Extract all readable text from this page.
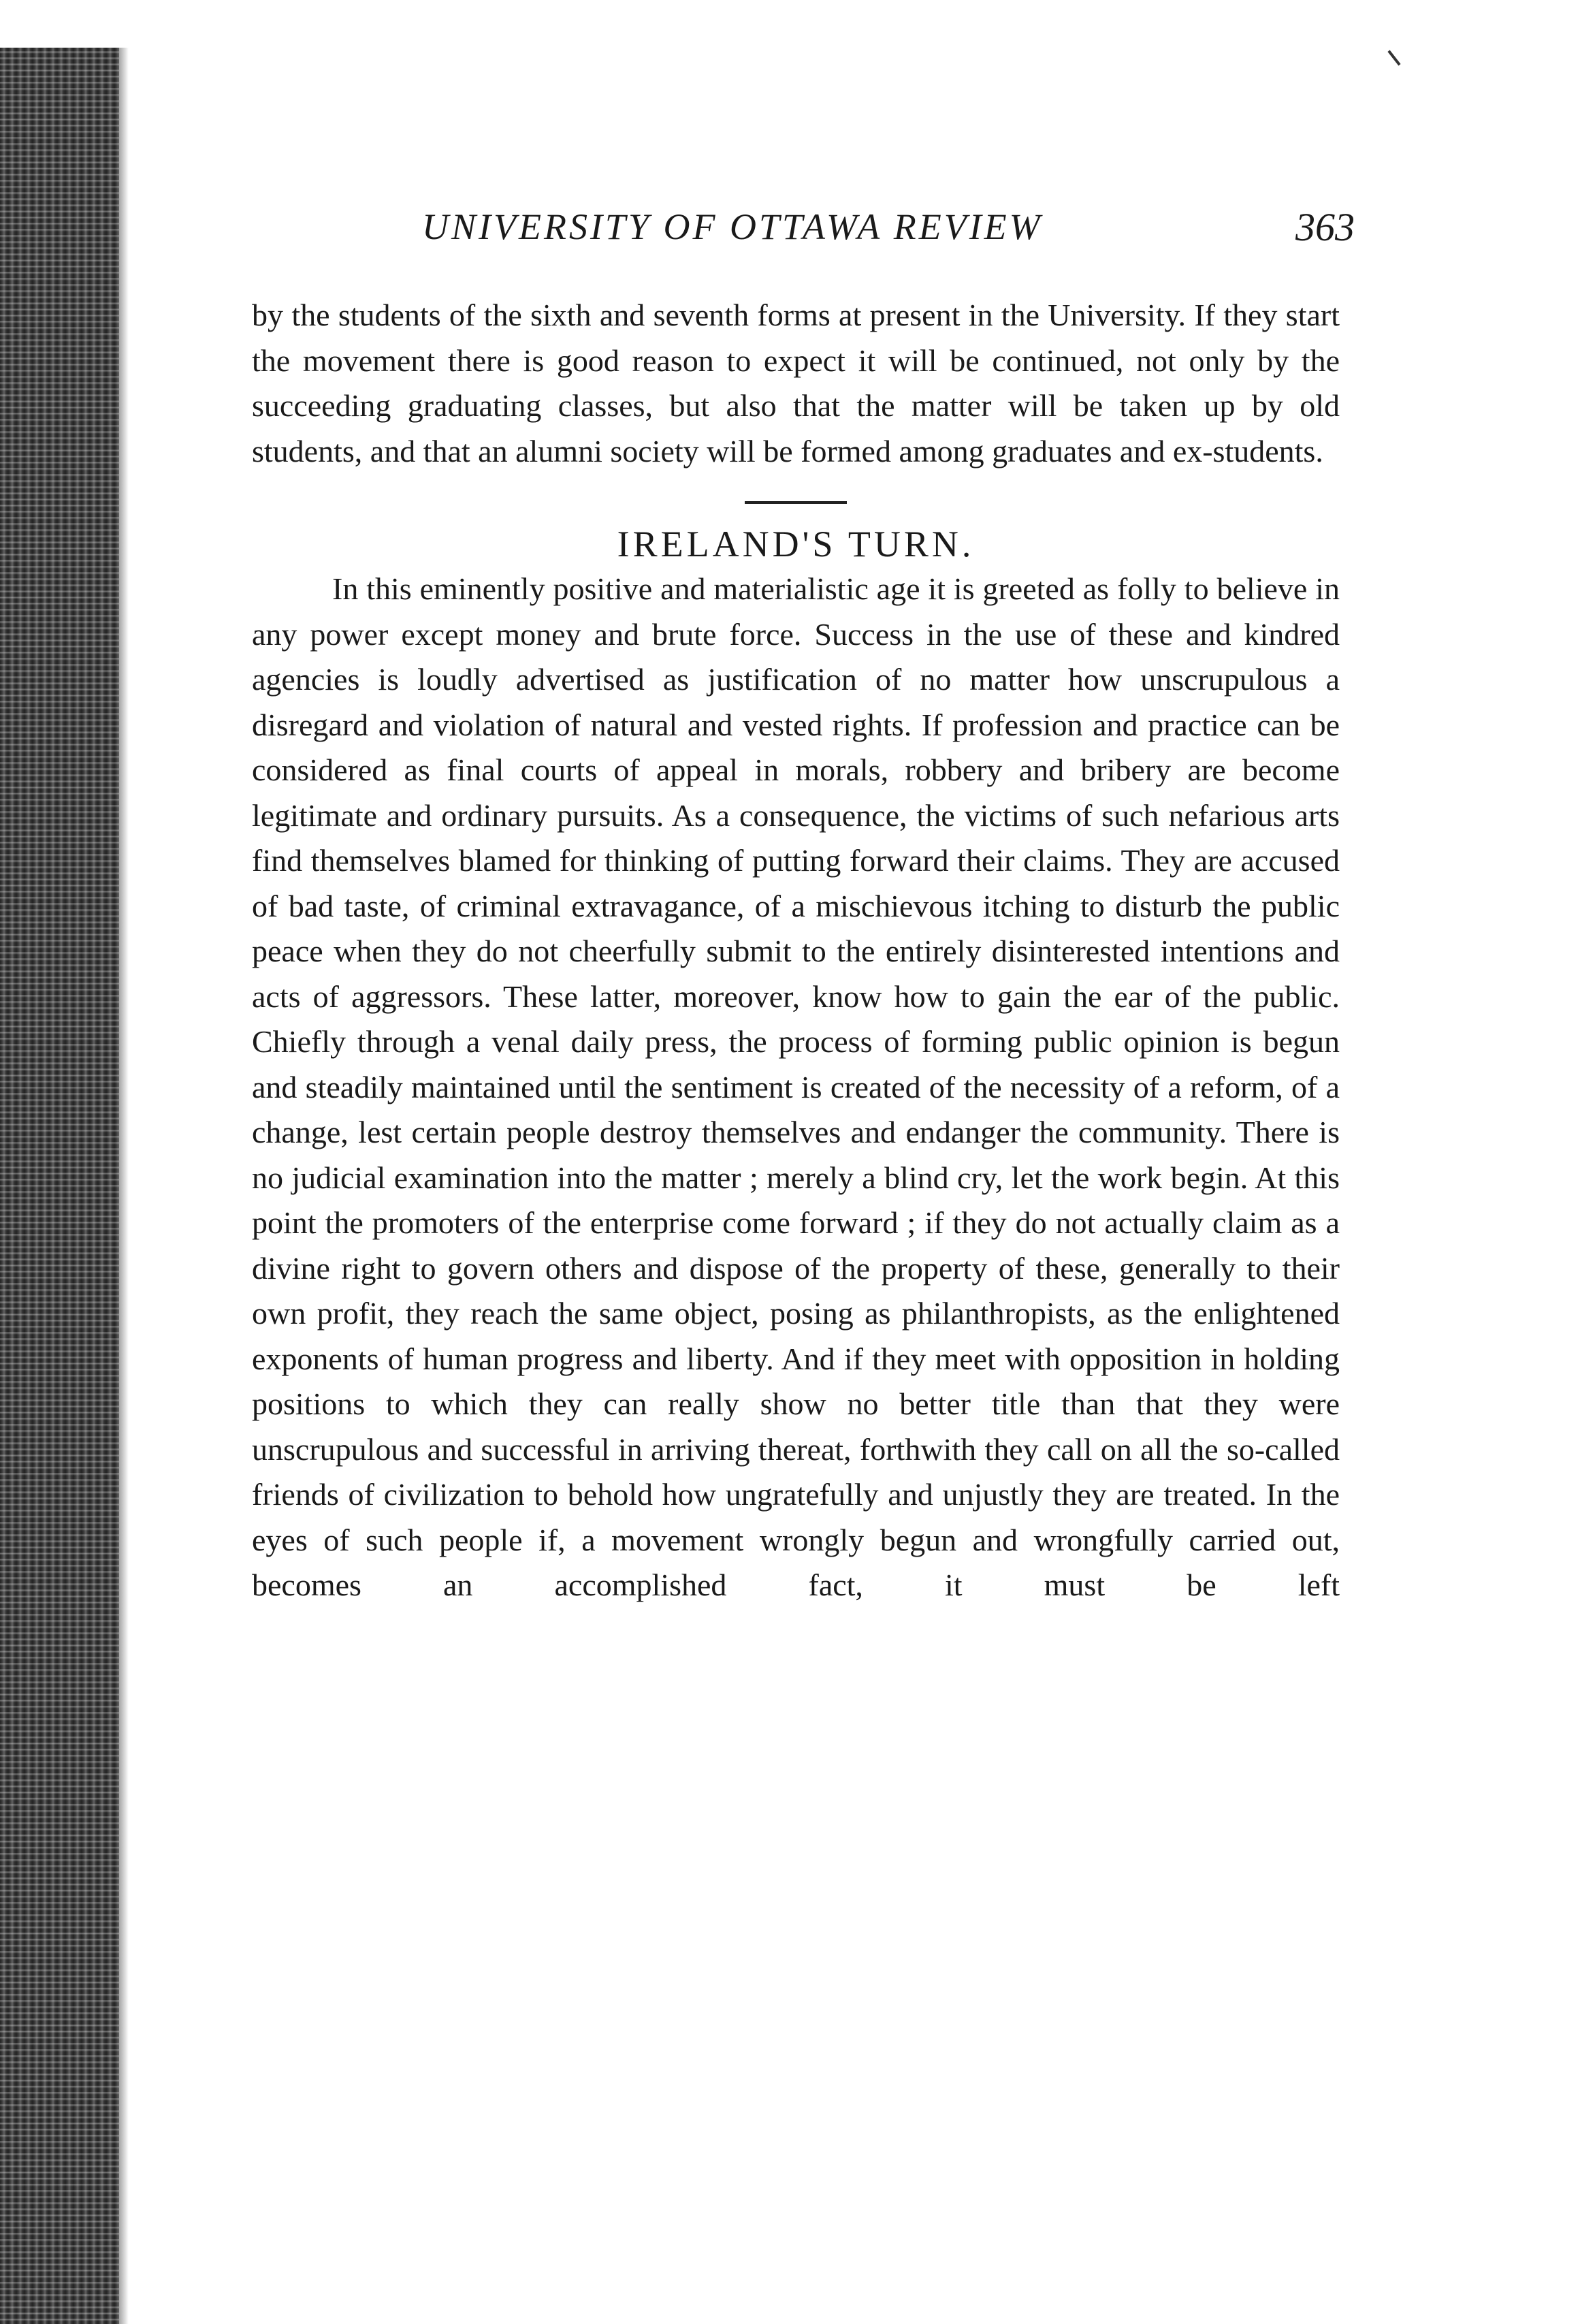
UNIVERSITY OF OTTAWA REVIEW	363

by the students of the sixth and seventh forms at present in the University. If they start the movement there is good reason to expect it will be continued, not only by the succeeding graduating classes, but also that the matter will be taken up by old students, and that an alumni society will be formed among graduates and ex-students.

IRELAND'S TURN.

In this eminently positive and materialistic age it is greeted as folly to believe in any power except money and brute force. Success in the use of these and kindred agencies is loudly advertised as justification of no matter how unscrupulous a disregard and violation of natural and vested rights. If profession and practice can be considered as final courts of appeal in morals, robbery and bribery are become legitimate and ordinary pursuits. As a consequence, the victims of such nefarious arts find themselves blamed for thinking of putting forward their claims. They are accused of bad taste, of criminal extravagance, of a mischievous itching to disturb the public peace when they do not cheerfully submit to the entirely disinterested intentions and acts of aggressors. These latter, moreover, know how to gain the ear of the public. Chiefly through a venal daily press, the process of forming public opinion is begun and steadily maintained until the sentiment is created of the necessity of a reform, of a change, lest certain people destroy themselves and endanger the community. There is no judicial examination into the matter ; merely a blind cry, let the work begin. At this point the promoters of the enterprise come forward ; if they do not actually claim as a divine right to govern others and dispose of the property of these, generally to their own profit, they reach the same object, posing as philanthropists, as the enlightened exponents of human progress and liberty. And if they meet with opposition in holding positions to which they can really show no better title than that they were unscrupulous and successful in arriving thereat, forthwith they call on all the so-called friends of civilization to behold how ungratefully and unjustly they are treated. In the eyes of such people if, a movement wrongly begun and wrongfully carried out, becomes an accomplished fact, it must be left
